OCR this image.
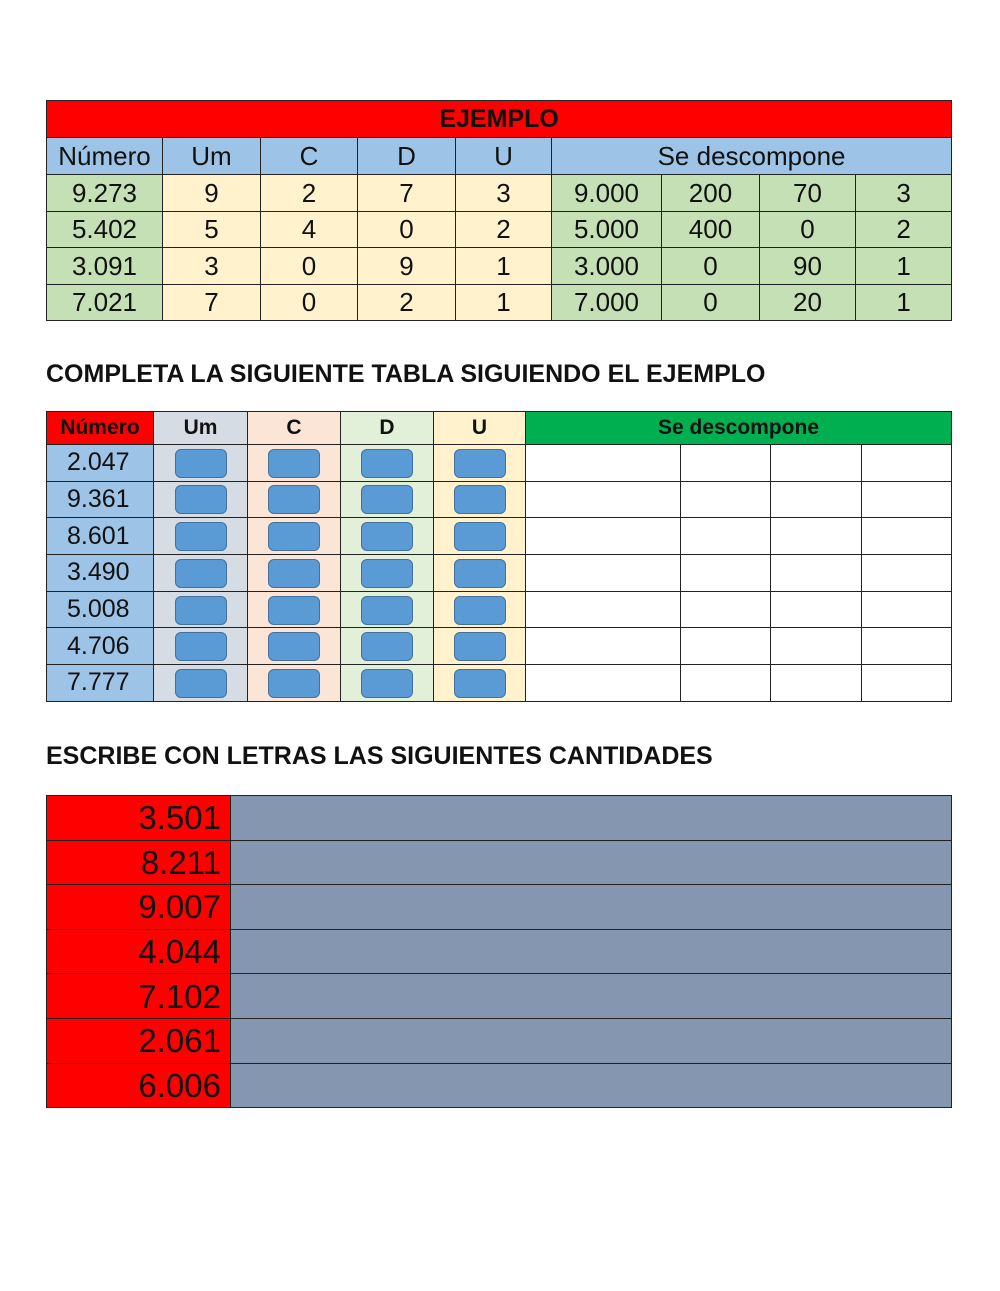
EJEMPLO								
Número	Um	C	D	U	Se descompone			
9.273	9	2	7	3	9.000	200	70	3
5.402	5	4	0	2	5.000	400	0	2
3.091	3	0	9	1	3.000	0	90	1
7.021	7	0	2	1	7.000	0	20	1
COMPLETA LA SIGUIENTE TABLA SIGUIENDO EL EJEMPLO
Número	Um	C	D	U	Se descompone			
2.047								
9.361								
8.601								
3.490								
5.008								
4.706								
7.777								
ESCRIBE CON LETRAS LAS SIGUIENTES CANTIDADES
3.501	
8.211	
9.007	
4.044	
7.102	
2.061	
6.006	
